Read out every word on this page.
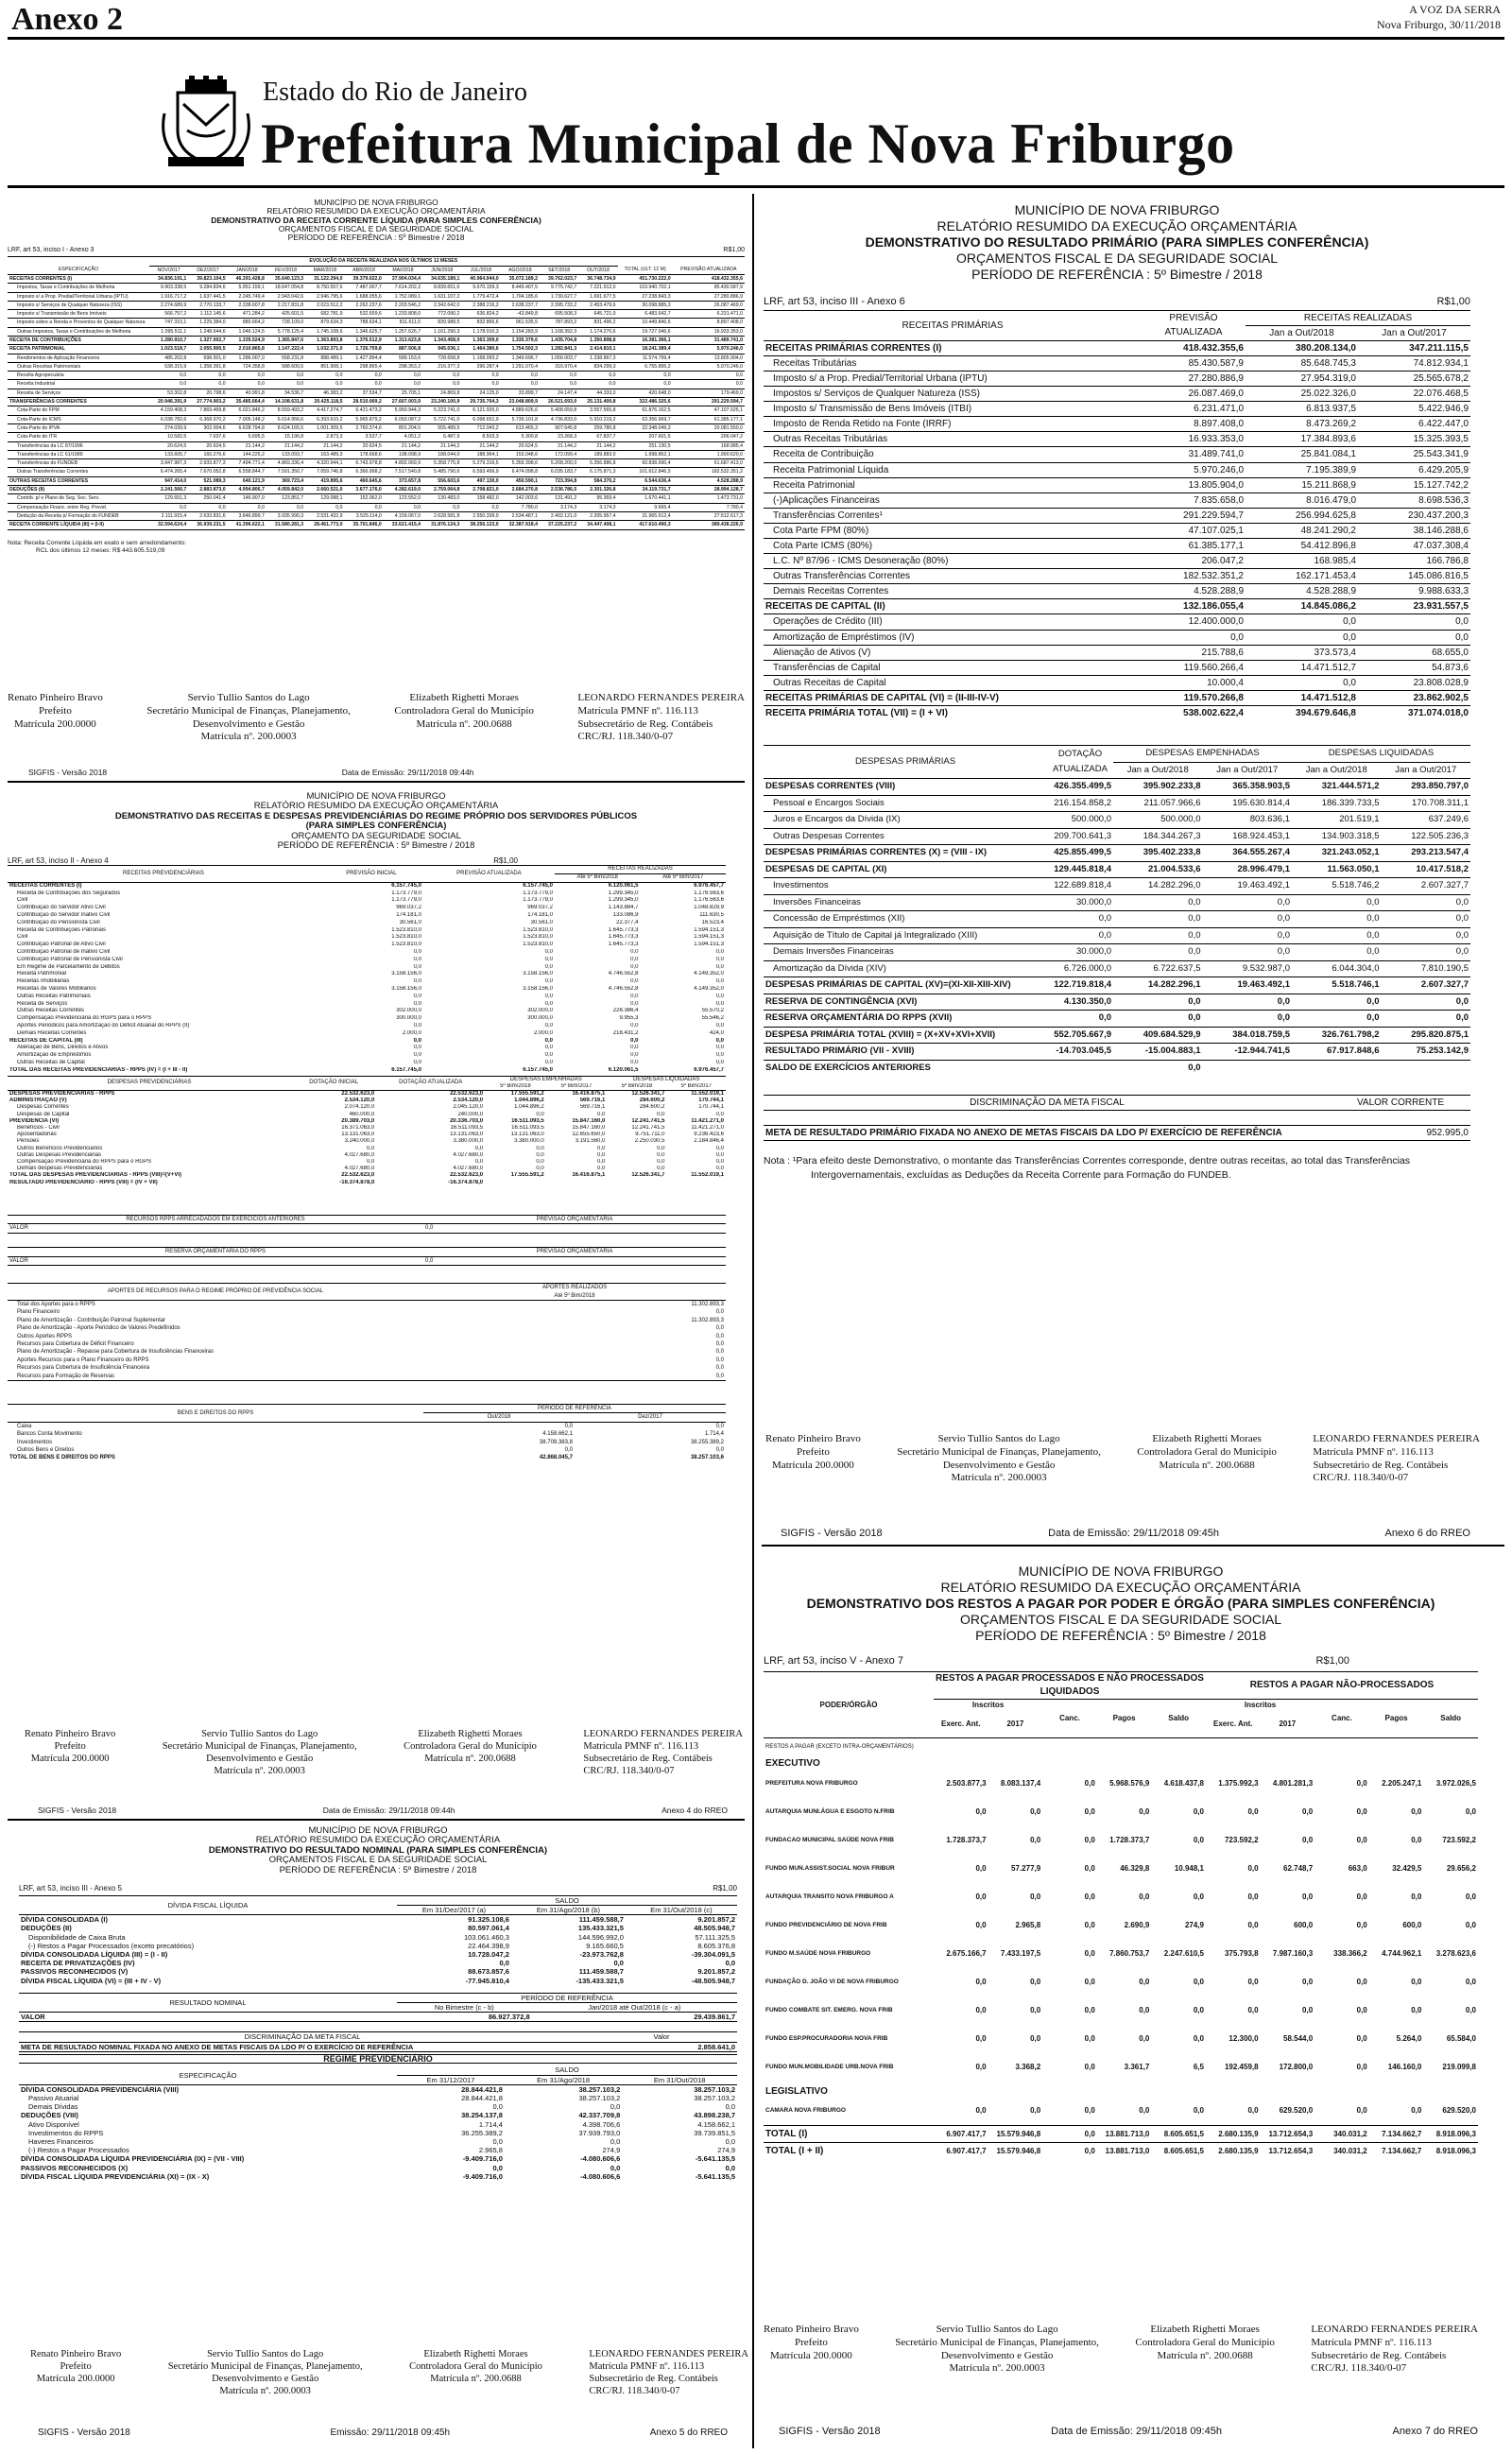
Anexo 2	A VOZ DA SERRA
Nova Friburgo, 30/11/2018
Estado do Rio de Janeiro
Prefeitura Municipal de Nova Friburgo
MUNICÍPIO DE NOVA FRIBURGO
RELATÓRIO RESUMIDO DA EXECUÇÃO ORÇAMENTÁRIA
DEMONSTRATIVO DA RECEITA CORRENTE LÍQUIDA (PARA SIMPLES CONFERÊNCIA)
ORÇAMENTOS FISCAL E DA SEGURIDADE SOCIAL
PERÍODO DE REFERÊNCIA : 5º Bimestre / 2018
LRF, art 53, inciso I - Anexo 3	R$1,00
	EVOLUÇÃO DA RECEITA REALIZADA NOS ÚLTIMOS 12 MESES													
ESPECIFICAÇÃO	NOV/2017	DEZ/2017	JAN/2018	FEV/2018	MAR/2018	ABR/2018	MAI/2018	JUN/2018	JUL/2018	AGO/2018	SET/2018	OUT/2018	TOTAL (ULT. 12 M)	PREVISÃO ATUALIZADA
RECEITAS CORRENTES (I)	34.836.191,1	39.823.104,5	46.391.428,8	35.640.123,3	31.122.294,0	39.379.022,0	37.904.034,4	34.635.189,1	40.964.944,0	35.072.189,2	39.762.023,7	36.748.734,9	451.730.222,0	418.432.355,6
Impostos, Taxas e Contribuições de Melhoria	9.903.338,5	9.284.834,6	5.951.159,1	18.647.054,8	8.750.557,6	7.487.007,7	7.614.202,2	8.839.651,6	9.670.159,3	8.449.407,5	9.775.742,7	7.221.912,0	103.940.702,1	85.430.587,9
Imposto s/ a Prop. Predial/Territorial Urbana (IPTU)	1.916.717,2	1.637.441,5	2.245.749,4	2.943.042,6	2.946.795,6	1.688.055,6	1.752.089,1	1.631.107,2	1.779.472,4	1.704.185,6	1.730.627,7	1.691.677,5	27.238.843,3	27.280.886,9
Imposto s/ Serviços de Qualquer Natureza (ISS)	2.274.689,9	2.770.133,7	2.338.607,8	2.217.831,8	2.023.512,2	2.262.237,6	2.203.546,2	2.342.642,0	2.388.216,2	2.638.237,7	2.395.733,2	2.453.479,6	30.098.885,3	26.087.469,0
Imposto s/ Transmissão de Bens Imóveis	566.757,2	1.112.145,6	471.284,2	425.601,5	682.781,9	532.659,6	1.233.808,0	772.090,2	636.824,2	-43.849,8	695.508,3	645.721,0	6.483.642,7	6.231.471,0
Imposto sobre a Renda e Proventos de Qualquer Natureza	747.310,1	1.229.384,0	880.664,2	728.109,0	879.634,3	788.634,1	811.611,0	839.988,5	832.866,6	961.535,5	787.893,2	831.496,2	10.449.846,6	8.897.408,0
Outras Impostos, Taxas e Contribuições de Melhoria	1.095.511,1	1.248.644,6	1.046.124,5	5.778.125,4	1.745.108,6	1.346.625,7	1.257.626,7	1.161.290,3	1.178.010,3	1.154.283,9	1.168.392,3	1.174.270,6	19.727.046,6	16.933.353,0
RECEITA DE CONTRIBUIÇÕES	1.280.910,7	1.327.002,7	1.335.524,9	1.365.847,6	1.363.893,8	1.376.512,9	1.313.623,8	1.343.458,0	1.363.309,0	1.335.379,6	1.435.704,8	1.350.898,8	16.381.366,1	31.489.741,0
RECEITA PATRIMONIAL	1.023.518,7	2.055.900,5	2.010.865,8	1.147.222,4	1.032.371,0	1.726.759,8	887.506,8	945.036,1	1.464.380,6	1.754.502,3	1.282.841,3	2.414.810,1	18.241.389,4	5.970.246,0
Rendimentos de Aplicação Financeira	485.202,8	698.501,0	1.286.007,0	558.231,8	888.489,1	1.427.894,4	589.153,6	728.658,8	1.168.093,2	1.349.696,7	1.056.003,7	1.338.867,3	11.574.799,4	13.805.904,0
Outras Receitas Patrimoniais	538.315,9	1.358.391,8	724.358,8	588.600,5	851.908,1	298.865,4	298.353,2	216.377,3	296.287,4	1.291.070,4	316.970,4	834.299,3	6.755.895,2	5.970.246,0
Receita Agropecuária	0,0	0,0	0,0	0,0	0,0	0,0	0,0	0,0	0,0	0,0	0,0	0,0	0,0	0,0
Receita Industrial	0,0	0,0	0,0	0,0	0,0	0,0	0,0	0,0	0,0	0,0	0,0	0,0	0,0	0,0
Receita de Serviços	53.302,8	20.798,6	40.991,8	34.536,7	46.383,2	37.534,7	25.705,1	24.869,8	24.125,0	33.899,7	24.147,4	44.333,0	420.648,0	179.469,0
TRANSFERÊNCIAS CORRENTES	20.946.391,9	27.774.903,2	35.485.664,4	14.108.631,8	20.425.118,5	28.510.069,2	27.607.003,9	23.240.100,9	29.735.764,3	23.048.809,9	26.521.693,0	25.131.400,8	322.486.325,6	291.229.594,7
Cota-Parte do FPM	4.159.408,3	7.869.469,8	6.021.846,2	8.559.493,2	4.417.274,7	6.421.473,2	5.950.944,3	5.223.741,0	6.121.926,0	4.889.626,6	5.408.659,8	3.557.565,8	61.876.162,5	47.107.025,1
Cota-Parte do ICMS	6.038.782,6	6.368.970,2	7.005.148,2	6.014.956,6	6.393.610,2	5.965.879,2	6.093.087,2	5.722.741,0	6.098.651,9	5.739.101,8	4.736.833,0	5.910.219,2	63.356.969,7	61.385.177,1
Cota-Parte do IPVA	274.039,9	302.004,6	6.628.794,8	8.624.165,5	1.001.309,5	2.760.374,6	801.204,5	555.489,5	712.043,2	613.465,3	907.645,8	259.780,8	22.348.049,3	20.081.550,0
Cota-Parte do ITR	10.582,5	7.637,6	5.695,5	15.196,8	2.873,3	3.537,7	4.051,2	6.487,9	8.503,3	5.300,8	23.268,3	67.837,7	207.601,5	206.047,2
Transferências da LC 87/1996	20.624,5	20.624,5	21.144,2	21.144,2	21.144,2	20.624,5	21.144,2	21.144,2	21.144,2	20.624,5	21.144,2	21.144,2	251.130,5	168.985,4
Transferências da LC 61/1989	133.605,7	160.276,6	144.225,2	133.093,7	163.489,3	178.668,6	198.098,9	188.044,0	188.964,1	153.048,6	172.099,4	189.883,0	1.998.862,1	1.990.620,0
Transferências do FUNDEB	3.947.987,3	2.933.877,3	7.494.771,4	4.869.336,4	4.320.944,1	6.743.978,8	4.802.069,9	5.358.775,8	5.279.316,5	5.359.398,6	5.208.200,0	5.356.886,8	60.838.690,4	61.687.413,0
Outras Transferências Correntes	6.474.265,4	7.670.052,8	6.558.844,7	7.591.350,7	7.059.746,8	6.366.998,2	7.517.540,8	5.485.790,6	6.593.456,9	6.474.098,8	6.035.183,7	6.175.871,3	101.612.846,5	182.532.351,2
OUTRAS RECEITAS CORRENTES	947.414,0	521.089,3	640.121,9	369.723,4	419.895,6	460.645,6	373.657,8	556.603,6	497.130,0	450.590,1	723.394,8	584.370,2	6.544.636,4	4.528.288,9
DEDUÇÕES (II)	2.241.566,7	2.883.873,0	4.994.806,7	4.059.842,0	2.660.521,0	3.677.176,0	4.282.619,0	2.759.064,8	2.708.821,0	2.684.270,8	2.536.786,5	2.301.326,8	34.119.731,7	28.994.128,7
Contrib. p/ o Plano de Seg. Soc. Serv.	129.651,3	250.041,4	146.907,0	123.851,7	129.088,1	152.062,0	123.552,0	130.483,0	158.482,0	142.003,6	131.491,2	95.369,4	1.670.441,1	1.473.731,0
Compensação Financ. entre Reg. Previd.	0,0	0,0	0,0	0,0	0,0	0,0	0,0	0,0	0,0	7.780,0	3.174,3	3.174,3	9.665,4	7.780,4
Dedução da Receita p/ Formação do FUNDEB	2.111.915,4	2.633.831,6	3.846.899,7	3.935.990,3	2.531.432,9	3.525.114,0	4.159.067,0	2.628.581,8	2.550.339,0	2.534.487,1	2.402.121,0	2.205.957,4	31.965.612,4	27.512.617,3
RECEITA CORRENTE LÍQUIDA (III) = (I-II)	32.594.624,4	36.939.231,5	41.396.622,1	31.580.281,3	28.461.773,0	35.701.846,0	33.621.415,4	31.876.124,3	38.256.123,0	32.387.918,4	37.225.237,2	34.447.408,1	417.610.490,3	389.438.226,9
Nota: Receita Corrente Líquida em exato e sem arredondamento:
RCL dos últimos 12 meses: R$ 443.605.519,09
Renato Pinheiro Bravo
Prefeito
Matrícula 200.0000
Servio Tullio Santos do Lago
Secretário Municipal de Finanças, Planejamento,
Desenvolvimento e Gestão
Matrícula nº. 200.0003
Elizabeth Righetti Moraes
Controladora Geral do Município
Matrícula nº. 200.0688
LEONARDO FERNANDES PEREIRA
Matrícula PMNF nº. 116.113
Subsecretário de Reg. Contábeis
CRC/RJ. 118.340/0-07
SIGFIS - Versão 2018	Data de Emissão: 29/11/2018 09:44h
MUNICÍPIO DE NOVA FRIBURGO
RELATÓRIO RESUMIDO DA EXECUÇÃO ORÇAMENTÁRIA
DEMONSTRATIVO DAS RECEITAS E DESPESAS PREVIDENCIÁRIAS DO REGIME PRÓPRIO DOS SERVIDORES PÚBLICOS
(PARA SIMPLES CONFERÊNCIA)
ORÇAMENTO DA SEGURIDADE SOCIAL
PERÍODO DE REFERÊNCIA : 5º Bimestre / 2018
LRF, art 53, inciso II - Anexo 4	R$1,00
RECEITAS PREVIDENCIÁRIAS	PREVISÃO INICIAL	PREVISÃO ATUALIZADA	RECEITAS REALIZADAS	
			Até 5º Bim/2018	Até 5º Bim/2017
RECEITAS CORRENTES (I)	6.157.745,0	6.157.745,0	6.120.061,5	6.976.457,7
Receita de Contribuições dos Segurados	1.173.779,0	1.173.779,0	1.299.345,0	1.176.563,6
Civil	1.173.779,0	1.173.779,0	1.299.345,0	1.176.563,6
Contribuição do Servidor Ativo Civil	969.037,2	969.037,2	1.143.884,7	1.048.829,9
Contribuição do Servidor Inativo Civil	174.181,0	174.181,0	133.086,9	111.630,5
Contribuição do Pensionista Civil	30.561,0	30.561,0	22.377,4	16.523,4
Receita de Contribuições Patronais	1.523.810,0	1.523.810,0	1.645.773,3	1.594.151,3
Civil	1.523.810,0	1.523.810,0	1.645.773,3	1.594.151,3
Contribuição Patronal de Ativo Civil	1.523.810,0	1.523.810,0	1.645.773,3	1.594.151,3
Contribuição Patronal de Inativo Civil	0,0	0,0	0,0	0,0
Contribuição Patronal de Pensionista Civil	0,0	0,0	0,0	0,0
Em Regime de Parcelamento de Débitos	0,0	0,0	0,0	0,0
Receita Patrimonial	3.158.156,0	3.158.156,0	4.746.552,8	4.149.352,0
Receitas Imobiliárias	0,0	0,0	0,0	0,0
Receitas de Valores Mobiliários	3.158.156,0	3.158.156,0	4.746.552,8	4.149.352,0
Outras Receitas Patrimoniais	0,0	0,0	0,0	0,0
Receita de Serviços	0,0	0,0	0,0	0,0
Outras Receitas Correntes	302.000,0	302.000,0	228.386,4	55.570,2
Compensação Previdenciária do RGPS para o RPPS	300.000,0	300.000,0	9.955,3	55.546,2
Aportes Periódicos para Amortização do Déficit Atuarial do RPPS (II)	0,0	0,0	0,0	0,0
Demais Receitas Correntes	2.000,0	2.000,0	218.431,2	424,0
RECEITAS DE CAPITAL (III)	0,0	0,0	0,0	0,0
Alienação de Bens, Direitos e Ativos	0,0	0,0	0,0	0,0
Amortização de Empréstimos	0,0	0,0	0,0	0,0
Outras Receitas de Capital	0,0	0,0	0,0	0,0
TOTAL DAS RECEITAS PREVIDENCIÁRIAS - RPPS (IV) = (I + III - II)	6.157.745,0	6.157.745,0	6.120.061,5	6.976.457,7
DESPESAS PREVIDENCIÁRIAS	DOTAÇÃO INICIAL	DOTAÇÃO ATUALIZADA	DESPESAS EMPENHADAS		DESPESAS LIQUIDADAS	
			5º Bim/2018	5º Bim/2017	5º Bim/2018	5º Bim/2017
DESPESAS PREVIDENCIÁRIAS - RPPS	22.532.623,0	22.532.623,0	17.555.591,2	16.416.875,1	12.526.341,7	11.552.019,1
ADMINISTRAÇÃO (V)	2.534.120,0	2.534.120,0	1.044.896,2	569.716,1	284.600,2	170.744,1
Despesas Correntes	2.074.120,0	2.045.120,0	1.044.896,2	569.716,1	284.600,2	170.744,1
Despesas de Capital	460.000,0	240.000,0	0,0	0,0	0,0	0,0
PREVIDÊNCIA (VI)	20.389.703,0	20.336.703,0	16.511.093,5	15.847.160,0	12.241.741,5	11.421.271,0
Benefícios - Civil	16.371.063,0	16.511.093,5	16.511.093,5	15.847.160,0	12.241.741,5	11.421.271,0
Aposentadorias	13.131.063,0	13.131.063,0	13.131.063,0	12.655.650,0	9.751.711,0	9.236.423,6
Pensões	3.240.000,0	3.380.000,0	3.380.000,0	3.191.560,0	2.250.030,5	2.184.846,4
Outros Benefícios Previdenciários	0,0	0,0	0,0	0,0	0,0	0,0
Outras Despesas Previdenciárias	4.027.680,0	4.027.680,0	0,0	0,0	0,0	0,0
Compensação Previdenciária do RPPS para o RGPS	0,0	0,0	0,0	0,0	0,0	0,0
Demais despesas Previdenciárias	4.027.680,0	4.027.680,0	0,0	0,0	0,0	0,0
TOTAL DAS DESPESAS PREVIDENCIÁRIAS - RPPS (VIII)=(V+VI)	22.532.623,0	22.532.623,0	17.555.591,2	16.416.875,1	12.526.341,7	11.552.019,1
RESULTADO PREVIDENCIÁRIO - RPPS (VIII) = (IV + VII)	-16.374.878,0	-16.374.878,0				
RECURSOS RPPS ARRECADADOS EM EXERCÍCIOS ANTERIORES	PREVISÃO ORÇAMENTÁRIA
VALOR	0,0
RESERVA ORÇAMENTÁRIA DO RPPS	PREVISÃO ORÇAMENTÁRIA
VALOR	0,0
APORTES DE RECURSOS PARA O REGIME PRÓPRIO DE PREVIDÊNCIA SOCIAL	APORTES REALIZADOS
	Até 5º Bim/2018
Total dos Aportes para o RPPS	11.302.893,3
Plano Financeiro	0,0
Plano de Amortização - Contribuição Patronal Suplementar	11.302.893,3
Plano de Amortização - Aporte Periódico de Valores Predefinidos	0,0
Outros Aportes RPPS	0,0
Recursos para Cobertura de Déficit Financeiro	0,0
Plano de Amortização - Repasse para Cobertura de Insuficiências Financeiras	0,0
Aportes Recursos para o Plano Financeiro do RPPS	0,0
Recursos para Cobertura de Insuficiência Financeira	0,0
Recursos para Formação de Reservas	0,0
BENS E DIREITOS DO RPPS	PERÍODO DE REFERÊNCIA	
	Out/2018	Dez/2017
Caixa	0,0	0,0
Bancos Conta Movimento	4.158.662,1	1.714,4
Investimentos	38.709.383,8	38.255.389,2
Outros Bens e Direitos	0,0	0,0
TOTAL DE BENS E DIREITOS DO RPPS	42.868.045,7	38.257.103,6
Renato Pinheiro Bravo
Prefeito
Matrícula 200.0000
Servio Tullio Santos do Lago
Secretário Municipal de Finanças, Planejamento,
Desenvolvimento e Gestão
Matrícula nº. 200.0003
Elizabeth Righetti Moraes
Controladora Geral do Município
Matrícula nº. 200.0688
LEONARDO FERNANDES PEREIRA
Matrícula PMNF nº. 116.113
Subsecretário de Reg. Contábeis
CRC/RJ. 118.340/0-07
SIGFIS - Versão 2018	Data de Emissão: 29/11/2018 09:44h	Anexo 4 do RREO
MUNICÍPIO DE NOVA FRIBURGO
RELATÓRIO RESUMIDO DA EXECUÇÃO ORÇAMENTÁRIA
DEMONSTRATIVO DO RESULTADO NOMINAL (PARA SIMPLES CONFERÊNCIA)
ORÇAMENTOS FISCAL E DA SEGURIDADE SOCIAL
PERÍODO DE REFERÊNCIA : 5º Bimestre / 2018
LRF, art 53, inciso III - Anexo 5	R$1,00
DÍVIDA FISCAL LÍQUIDA	SALDO		
	Em 31/Dez/2017 (a)	Em 31/Ago/2018 (b)	Em 31/Out/2018 (c)
DÍVIDA CONSOLIDADA (I)	91.325.108,6	111.459.588,7	9.201.857,2
DEDUÇÕES (II)	80.597.061,4	135.433.321,5	48.505.948,7
Disponibilidade de Caixa Bruta	103.061.460,3	144.596.992,0	57.111.325,5
(-) Restos a Pagar Processados (exceto precatórios)	22.464.398,9	9.165.660,5	8.605.376,8
DÍVIDA CONSOLIDADA LÍQUIDA (III) = (I - II)	10.728.047,2	-23.973.762,8	-39.304.091,5
RECEITA DE PRIVATIZAÇÕES (IV)	0,0	0,0	0,0
PASSIVOS RECONHECIDOS (V)	88.673.857,6	111.459.588,7	9.201.857,2
DÍVIDA FISCAL LÍQUIDA (VI) = (III + IV - V)	-77.945.810,4	-135.433.321,5	-48.505.948,7
RESULTADO NOMINAL	PERÍODO DE REFERÊNCIA	
	No Bimestre (c - b)	Jan/2018 até Out/2018 (c - a)
VALOR	86.927.372,8	29.439.861,7
DISCRIMINAÇÃO DA META FISCAL	Valor
META DE RESULTADO NOMINAL FIXADA NO ANEXO DE METAS FISCAIS DA LDO P/ O EXERCÍCIO DE REFERÊNCIA	2.858.641,0
REGIME PREVIDENCIÁRIO
ESPECIFICAÇÃO	SALDO		
	Em 31/12/2017	Em 31/Ago/2018	Em 31/Out/2018
DÍVIDA CONSOLIDADA PREVIDENCIÁRIA (VIII)	28.844.421,8	38.257.103,2	38.257.103,2
Passivo Atuarial	28.844.421,8	38.257.103,2	38.257.103,2
Demais Dívidas	0,0	0,0	0,0
DEDUÇÕES (VIII)	38.254.137,8	42.337.709,8	43.898.238,7
Ativo Disponível	1.714,4	4.398.706,6	4.158.662,1
Investimentos do RPPS	36.255.389,2	37.939.793,0	39.739.851,5
Haveres Financeiros	0,0	0,0	0,0
(-) Restos a Pagar Processados	2.965,8	274,9	274,9
DÍVIDA CONSOLIDADA LÍQUIDA PREVIDENCIÁRIA (IX) = (VII - VIII)	-9.409.716,0	-4.080.606,6	-5.641.135,5
PASSIVOS RECONHECIDOS (X)	0,0	0,0	0,0
DÍVIDA FISCAL LÍQUIDA PREVIDENCIÁRIA (XI) = (IX - X)	-9.409.716,0	-4.080.606,6	-5.641.135,5
Renato Pinheiro Bravo
Prefeito
Matrícula 200.0000
Servio Tullio Santos do Lago
Secretário Municipal de Finanças, Planejamento,
Desenvolvimento e Gestão
Matrícula nº. 200.0003
Elizabeth Righetti Moraes
Controladora Geral do Município
Matrícula nº. 200.0688
LEONARDO FERNANDES PEREIRA
Matrícula PMNF nº. 116.113
Subsecretário de Reg. Contábeis
CRC/RJ. 118.340/0-07
SIGFIS - Versão 2018	Emissão: 29/11/2018 09:45h	Anexo 5 do RREO
MUNICÍPIO DE NOVA FRIBURGO
RELATÓRIO RESUMIDO DA EXECUÇÃO ORÇAMENTÁRIA
DEMONSTRATIVO DO RESULTADO PRIMÁRIO (PARA SIMPLES CONFERÊNCIA)
ORÇAMENTOS FISCAL E DA SEGURIDADE SOCIAL
PERÍODO DE REFERÊNCIA : 5º Bimestre / 2018
LRF, art 53, inciso III - Anexo 6	R$1,00
RECEITAS PRIMÁRIAS	PREVISÃO ATUALIZADA	RECEITAS REALIZADAS	
		Jan a Out/2018	Jan a Out/2017
RECEITAS PRIMÁRIAS CORRENTES (I)	418.432.355,6	380.208.134,0	347.211.115,5
Receitas Tributárias	85.430.587,9	85.648.745,3	74.812.934,1
Imposto s/ a Prop. Predial/Territorial Urbana (IPTU)	27.280.886,9	27.954.319,0	25.565.678,2
Impostos s/ Serviços de Qualquer Natureza (ISS)	26.087.469,0	25.022.326,0	22.076.468,5
Imposto s/ Transmissão de Bens Imóveis (ITBI)	6.231.471,0	6.813.937,5	5.422.946,9
Imposto de Renda Retido na Fonte (IRRF)	8.897.408,0	8.473.269,2	6.422.447,0
Outras Receitas Tributárias	16.933.353,0	17.384.893,6	15.325.393,5
Receita de Contribuição	31.489.741,0	25.841.084,1	25.543.341,9
Receita Patrimonial Líquida	5.970.246,0	7.195.389,9	6.429.205,9
Receita Patrimonial	13.805.904,0	15.211.868,9	15.127.742,2
(-)Aplicações Financeiras	7.835.658,0	8.016.479,0	8.698.536,3
Transferências Correntes¹	291.229.594,7	256.994.625,8	230.437.200,3
Cota Parte FPM (80%)	47.107.025,1	48.241.290,2	38.146.288,6
Cota Parte ICMS (80%)	61.385.177,1	54.412.896,8	47.037.308,4
L.C. Nº 87/96 - ICMS Desoneração (80%)	206.047,2	168.985,4	166.786,8
Outras Transferências Correntes	182.532.351,2	162.171.453,4	145.086.816,5
Demais Receitas Correntes	4.528.288,9	4.528.288,9	9.988.633,3
RECEITAS DE CAPITAL (II)	132.186.055,4	14.845.086,2	23.931.557,5
Operações de Crédito (III)	12.400.000,0	0,0	0,0
Amortização de Empréstimos (IV)	0,0	0,0	0,0
Alienação de Ativos (V)	215.788,6	373.573,4	68.655,0
Transferências de Capital	119.560.266,4	14.471.512,7	54.873,6
Outras Receitas de Capital	10.000,4	0,0	23.808.028,9
RECEITAS PRIMÁRIAS DE CAPITAL (VI) = (II-III-IV-V)	119.570.266,8	14.471.512,8	23.862.902,5
RECEITA PRIMÁRIA TOTAL (VII) = (I + VI)	538.002.622,4	394.679.646,8	371.074.018,0
DESPESAS PRIMÁRIAS	DOTAÇÃO ATUALIZADA	DESPESAS EMPENHADAS		DESPESAS LIQUIDADAS	
		Jan a Out/2018	Jan a Out/2017	Jan a Out/2018	Jan a Out/2017
DESPESAS CORRENTES (VIII)	426.355.499,5	395.902.233,8	365.358.903,5	321.444.571,2	293.850.797,0
Pessoal e Encargos Sociais	216.154.858,2	211.057.966,6	195.630.814,4	186.339.733,5	170.708.311,1
Juros e Encargos da Dívida (IX)	500.000,0	500.000,0	803.636,1	201.519,1	637.249,6
Outras Despesas Correntes	209.700.641,3	184.344.267,3	168.924.453,1	134.903.318,5	122.505.236,3
DESPESAS PRIMÁRIAS CORRENTES (X) = (VIII - IX)	425.855.499,5	395.402.233,8	364.555.267,4	321.243.052,1	293.213.547,4
DESPESAS DE CAPITAL (XI)	129.445.818,4	21.004.533,6	28.996.479,1	11.563.050,1	10.417.518,2
Investimentos	122.689.818,4	14.282.296,0	19.463.492,1	5.518.746,2	2.607.327,7
Inversões Financeiras	30.000,0	0,0	0,0	0,0	0,0
Concessão de Empréstimos (XII)	0,0	0,0	0,0	0,0	0,0
Aquisição de Título de Capital já Integralizado (XIII)	0,0	0,0	0,0	0,0	0,0
Demais Inversões Financeiras	30.000,0	0,0	0,0	0,0	0,0
Amortização da Dívida (XIV)	6.726.000,0	6.722.637,5	9.532.987,0	6.044.304,0	7.810.190,5
DESPESAS PRIMÁRIAS DE CAPITAL (XV)=(XI-XII-XIII-XIV)	122.719.818,4	14.282.296,1	19.463.492,1	5.518.746,1	2.607.327,7
RESERVA DE CONTINGÊNCIA (XVI)	4.130.350,0	0,0	0,0	0,0	0,0
RESERVA ORÇAMENTÁRIA DO RPPS (XVII)	0,0	0,0	0,0	0,0	0,0
DESPESA PRIMÁRIA TOTAL (XVIII) = (X+XV+XVI+XVII)	552.705.667,9	409.684.529,9	384.018.759,5	326.761.798,2	295.820.875,1
RESULTADO PRIMÁRIO (VII - XVIII)	-14.703.045,5	-15.004.883,1	-12.944.741,5	67.917.848,6	75.253.142,9
SALDO DE EXERCÍCIOS ANTERIORES		0,0			
DISCRIMINAÇÃO DA META FISCAL	VALOR CORRENTE

META DE RESULTADO PRIMÁRIO FIXADA NO ANEXO DE METAS FISCAIS DA LDO P/ EXERCÍCIO DE REFERÊNCIA	952.995,0
Nota : ¹Para efeito deste Demonstrativo, o montante das Transferências Correntes corresponde, dentre outras receitas, ao total das Transferências
Intergovernamentais, excluídas as Deduções da Receita Corrente para Formação do FUNDEB.
Renato Pinheiro Bravo
Prefeito
Matrícula 200.0000
Servio Tullio Santos do Lago
Secretário Municipal de Finanças, Planejamento,
Desenvolvimento e Gestão
Matrícula nº. 200.0003
Elizabeth Righetti Moraes
Controladora Geral do Município
Matrícula nº. 200.0688
LEONARDO FERNANDES PEREIRA
Matrícula PMNF nº. 116.113
Subsecretário de Reg. Contábeis
CRC/RJ. 118.340/0-07
SIGFIS - Versão 2018	Data de Emissão: 29/11/2018 09:45h	Anexo 6 do RREO
MUNICÍPIO DE NOVA FRIBURGO
RELATÓRIO RESUMIDO DA EXECUÇÃO ORÇAMENTÁRIA
DEMONSTRATIVO DOS RESTOS A PAGAR POR PODER E ÓRGÃO (PARA SIMPLES CONFERÊNCIA)
ORÇAMENTOS FISCAL E DA SEGURIDADE SOCIAL
PERÍODO DE REFERÊNCIA : 5º Bimestre / 2018
LRF, art 53, inciso V - Anexo 7	R$1,00
PODER/ÓRGÃO	RESTOS A PAGAR PROCESSADOS E NÃO PROCESSADOS LIQUIDADOS					RESTOS A PAGAR NÃO-PROCESSADOS				
	Inscritos		Canc.	Pagos	Saldo	Inscritos		Canc.	Pagos	Saldo
	Exerc. Ant.	2017				Exerc. Ant.	2017			
RESTOS A PAGAR (EXCETO INTRA-ORÇAMENTÁRIOS)										
EXECUTIVO										
PREFEITURA NOVA FRIBURGO	2.503.877,3	8.083.137,4	0,0	5.968.576,9	4.618.437,8	1.375.992,3	4.801.281,3	0,0	2.205.247,1	3.972.026,5
AUTARQUIA MUNI.ÁGUA E ESGOTO N.FRIB	0,0	0,0	0,0	0,0	0,0	0,0	0,0	0,0	0,0	0,0
FUNDACAO MUNICIPAL SAÚDE NOVA FRIB	1.728.373,7	0,0	0,0	1.728.373,7	0,0	723.592,2	0,0	0,0	0,0	723.592,2
FUNDO MUN.ASSIST.SOCIAL NOVA FRIBUR	0,0	57.277,9	0,0	46.329,8	10.948,1	0,0	62.748,7	663,0	32.429,5	29.656,2
AUTARQUIA TRANSITO NOVA FRIBURGO A	0,0	0,0	0,0	0,0	0,0	0,0	0,0	0,0	0,0	0,0
FUNDO PREVIDENCIÁRIO DE NOVA FRIB	0,0	2.965,8	0,0	2.690,9	274,9	0,0	600,0	0,0	600,0	0,0
FUNDO M.SAÚDE NOVA FRIBURGO	2.675.166,7	7.433.197,5	0,0	7.860.753,7	2.247.610,5	375.793,8	7.987.160,3	338.366,2	4.744.962,1	3.278.623,6
FUNDAÇÃO D. JOÃO VI DE NOVA FRIBURGO	0,0	0,0	0,0	0,0	0,0	0,0	0,0	0,0	0,0	0,0
FUNDO COMBATE SIT. EMERG. NOVA FRIB	0,0	0,0	0,0	0,0	0,0	0,0	0,0	0,0	0,0	0,0
FUNDO ESP.PROCURADORIA NOVA FRIB	0,0	0,0	0,0	0,0	0,0	12.300,0	58.544,0	0,0	5.264,0	65.584,0
FUNDO MUN.MOBILIDADE URB.NOVA FRIB	0,0	3.368,2	0,0	3.361,7	6,5	192.459,8	172.800,0	0,0	146.160,0	219.099,8
LEGISLATIVO										
CAMARA NOVA FRIBURGO	0,0	0,0	0,0	0,0	0,0	0,0	629.520,0	0,0	0,0	629.520,0
TOTAL (I)	6.907.417,7	15.579.946,8	0,0	13.881.713,0	8.605.651,5	2.680.135,9	13.712.654,3	340.031,2	7.134.662,7	8.918.096,3
TOTAL (I + II)	6.907.417,7	15.579.946,8	0,0	13.881.713,0	8.605.651,5	2.680.135,9	13.712.654,3	340.031,2	7.134.662,7	8.918.096,3
Renato Pinheiro Bravo
Prefeito
Matrícula 200.0000
Servio Tullio Santos do Lago
Secretário Municipal de Finanças, Planejamento,
Desenvolvimento e Gestão
Matrícula nº. 200.0003
Elizabeth Righetti Moraes
Controladora Geral do Município
Matrícula nº. 200.0688
LEONARDO FERNANDES PEREIRA
Matrícula PMNF nº. 116.113
Subsecretário de Reg. Contábeis
CRC/RJ. 118.340/0-07
SIGFIS - Versão 2018	Data de Emissão: 29/11/2018 09:45h	Anexo 7 do RREO
